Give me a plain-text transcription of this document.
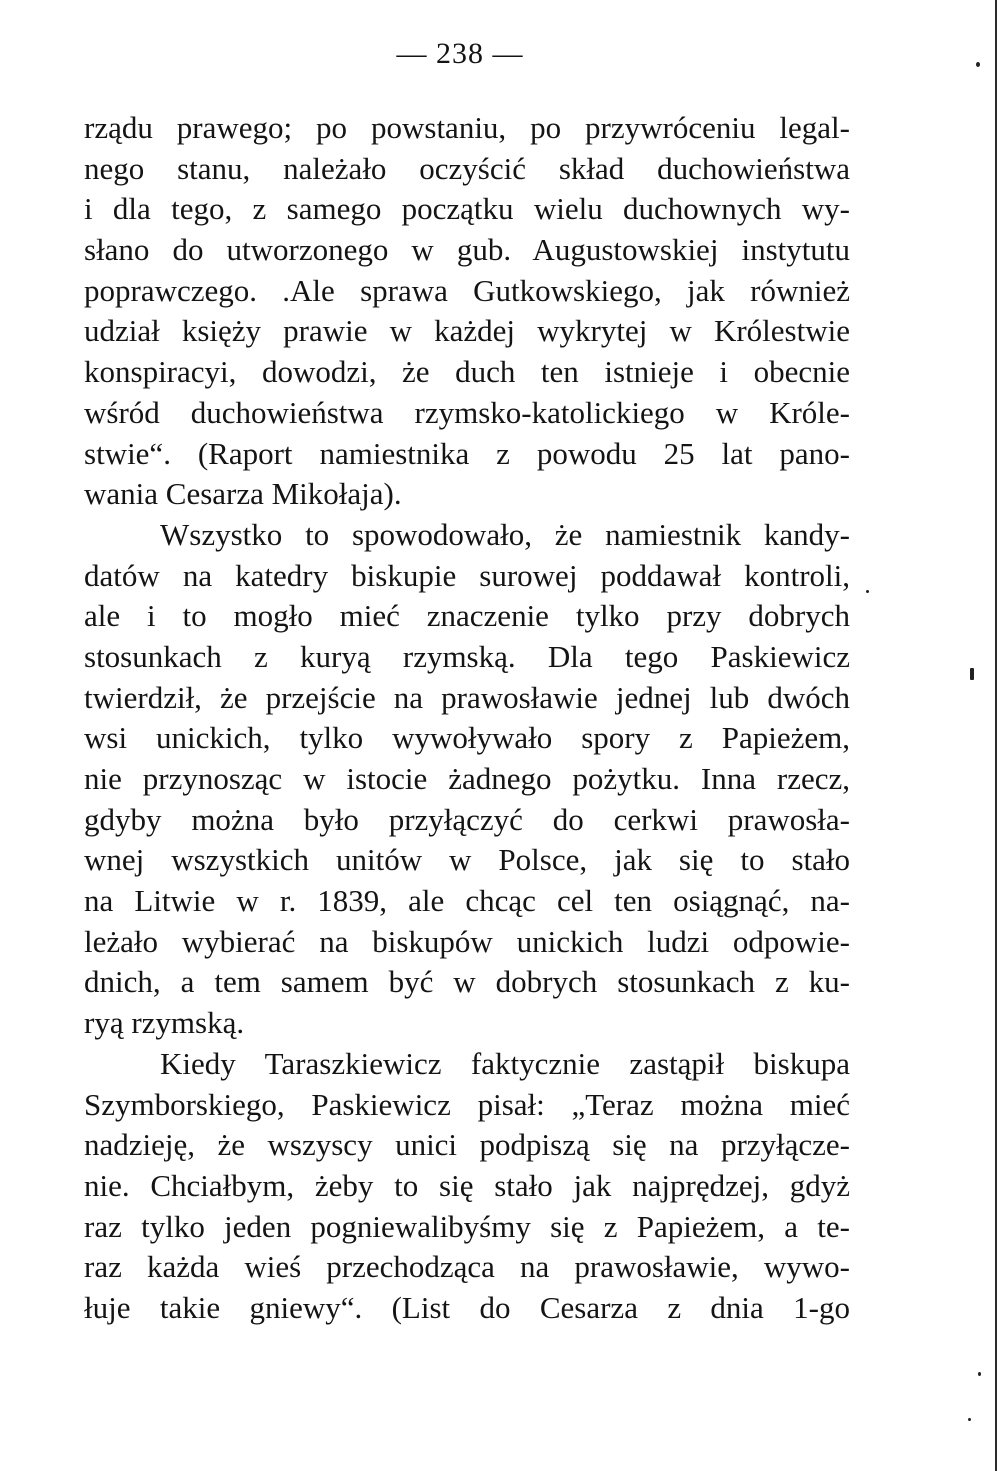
— 238 —
rządu prawego; po powstaniu, po przywróceniu legal-
nego stanu, należało oczyścić skład duchowieństwa
i dla tego, z samego początku wielu duchownych wy-
słano do utworzonego w gub. Augustowskiej instytutu
poprawczego. .Ale sprawa Gutkowskiego, jak również
udział księży prawie w każdej wykrytej w Królestwie
konspiracyi, dowodzi, że duch ten istnieje i obecnie
wśród duchowieństwa rzymsko-katolickiego w Króle-
stwie“. (Raport namiestnika z powodu 25 lat pano-
wania Cesarza Mikołaja).
Wszystko to spowodowało, że namiestnik kandy-
datów na katedry biskupie surowej poddawał kontroli,
ale i to mogło mieć znaczenie tylko przy dobrych
stosunkach z kuryą rzymską. Dla tego Paskiewicz
twierdził, że przejście na prawosławie jednej lub dwóch
wsi unickich, tylko wywoływało spory z Papieżem,
nie przynosząc w istocie żadnego pożytku. Inna rzecz,
gdyby można było przyłączyć do cerkwi prawosła-
wnej wszystkich unitów w Polsce, jak się to stało
na Litwie w r. 1839, ale chcąc cel ten osiągnąć, na-
leżało wybierać na biskupów unickich ludzi odpowie-
dnich, a tem samem być w dobrych stosunkach z ku-
ryą rzymską.
Kiedy Taraszkiewicz faktycznie zastąpił biskupa
Szymborskiego, Paskiewicz pisał: „Teraz można mieć
nadzieję, że wszyscy unici podpiszą się na przyłącze-
nie. Chciałbym, żeby to się stało jak najprędzej, gdyż
raz tylko jeden pogniewalibyśmy się z Papieżem, a te-
raz każda wieś przechodząca na prawosławie, wywo-
łuje takie gniewy“. (List do Cesarza z dnia 1-go
